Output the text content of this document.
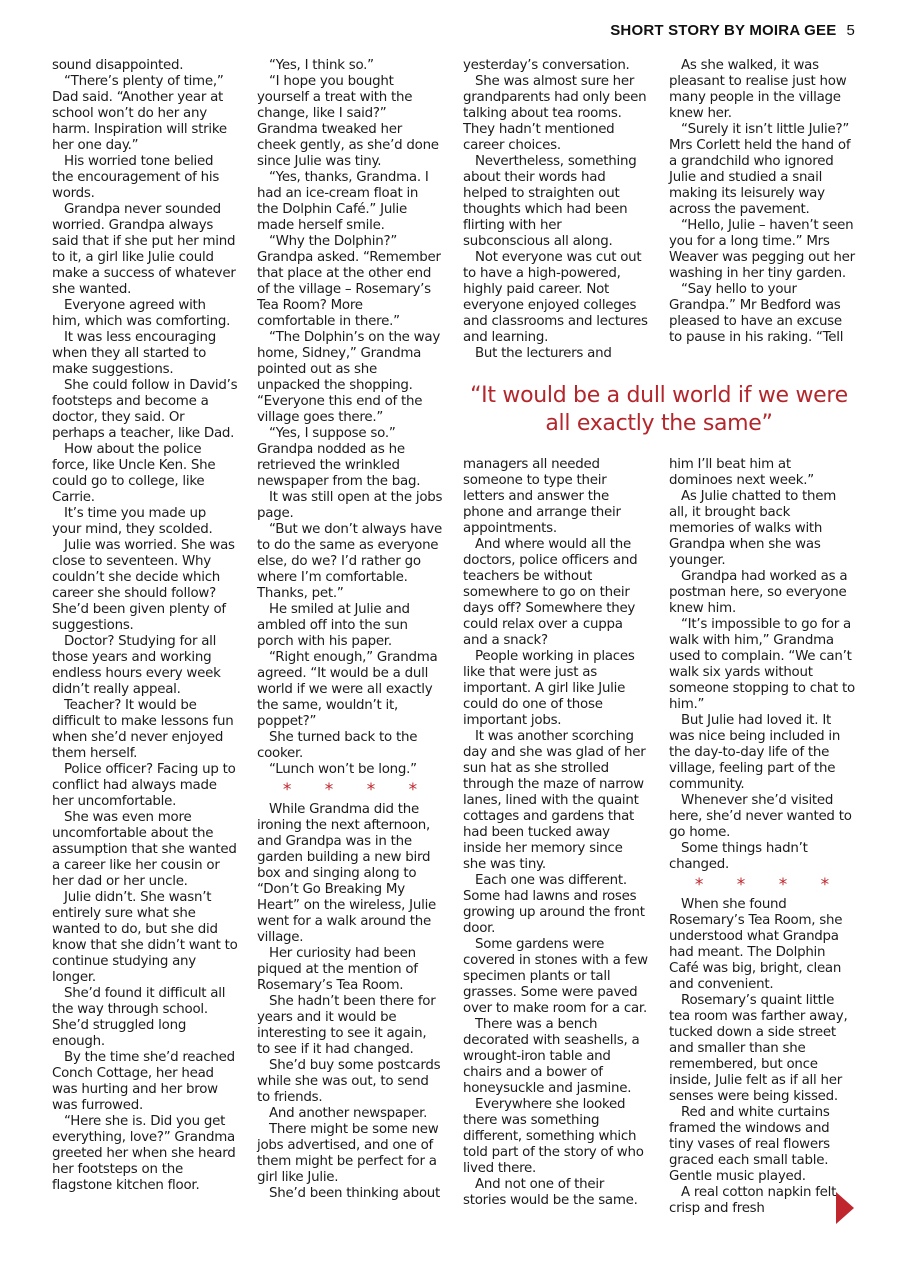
SHORT STORY BY MOIRA GEE 5

sound disappointed.

“There’s plenty of time,” Dad said. “Another year at school won’t do her any harm. Inspiration will strike her one day.”

His worried tone belied the encouragement of his words.

Grandpa never sounded worried. Grandpa always said that if she put her mind to it, a girl like Julie could make a success of whatever she wanted.

Everyone agreed with him, which was comforting.

It was less encouraging when they all started to make suggestions.

She could follow in David’s footsteps and become a doctor, they said. Or perhaps a teacher, like Dad.

How about the police force, like Uncle Ken. She could go to college, like Carrie.

It’s time you made up your mind, they scolded.

Julie was worried. She was close to seventeen. Why couldn’t she decide which career she should follow? She’d been given plenty of suggestions.

Doctor? Studying for all those years and working endless hours every week didn’t really appeal.

Teacher? It would be difficult to make lessons fun when she’d never enjoyed them herself.

Police officer? Facing up to conflict had always made her uncomfortable.

She was even more uncomfortable about the assumption that she wanted a career like her cousin or her dad or her uncle.

Julie didn’t. She wasn’t entirely sure what she wanted to do, but she did know that she didn’t want to continue studying any longer.

She’d found it difficult all the way through school. She’d struggled long enough.

By the time she’d reached Conch Cottage, her head was hurting and her brow was furrowed.

“Here she is. Did you get everything, love?” Grandma greeted her when she heard her footsteps on the flagstone kitchen floor.

“Yes, I think so.”

“I hope you bought yourself a treat with the change, like I said?” Grandma tweaked her cheek gently, as she’d done since Julie was tiny.

“Yes, thanks, Grandma. I had an ice-cream float in the Dolphin Café.” Julie made herself smile.

“Why the Dolphin?” Grandpa asked. “Remember that place at the other end of the village – Rosemary’s Tea Room? More comfortable in there.”

“The Dolphin’s on the way home, Sidney,” Grandma pointed out as she unpacked the shopping. “Everyone this end of the village goes there.”

“Yes, I suppose so.” Grandpa nodded as he retrieved the wrinkled newspaper from the bag.

It was still open at the jobs page.

“But we don’t always have to do the same as everyone else, do we? I’d rather go where I’m comfortable. Thanks, pet.”

He smiled at Julie and ambled off into the sun porch with his paper.

“Right enough,” Grandma agreed. “It would be a dull world if we were all exactly the same, wouldn’t it, poppet?”

She turned back to the cooker.

“Lunch won’t be long.”

* * * *

While Grandma did the ironing the next afternoon, and Grandpa was in the garden building a new bird box and singing along to “Don’t Go Breaking My Heart” on the wireless, Julie went for a walk around the village.

Her curiosity had been piqued at the mention of Rosemary’s Tea Room.

She hadn’t been there for years and it would be interesting to see it again, to see if it had changed.

She’d buy some postcards while she was out, to send to friends.

And another newspaper.

There might be some new jobs advertised, and one of them might be perfect for a girl like Julie.

She’d been thinking about

yesterday’s conversation.

She was almost sure her grandparents had only been talking about tea rooms. They hadn’t mentioned career choices.

Nevertheless, something about their words had helped to straighten out thoughts which had been flirting with her subconscious all along.

Not everyone was cut out to have a high-powered, highly paid career. Not everyone enjoyed colleges and classrooms and lectures and learning.

But the lecturers and

managers all needed someone to type their letters and answer the phone and arrange their appointments.

And where would all the doctors, police officers and teachers be without somewhere to go on their days off? Somewhere they could relax over a cuppa and a snack?

People working in places like that were just as important. A girl like Julie could do one of those important jobs.

It was another scorching day and she was glad of her sun hat as she strolled through the maze of narrow lanes, lined with the quaint cottages and gardens that had been tucked away inside her memory since she was tiny.

Each one was different. Some had lawns and roses growing up around the front door.

Some gardens were covered in stones with a few specimen plants or tall grasses. Some were paved over to make room for a car.

There was a bench decorated with seashells, a wrought-iron table and chairs and a bower of honeysuckle and jasmine.

Everywhere she looked there was something different, something which told part of the story of who lived there.

And not one of their stories would be the same.

As she walked, it was pleasant to realise just how many people in the village knew her.

“Surely it isn’t little Julie?” Mrs Corlett held the hand of a grandchild who ignored Julie and studied a snail making its leisurely way across the pavement.

“Hello, Julie – haven’t seen you for a long time.” Mrs Weaver was pegging out her washing in her tiny garden.

“Say hello to your Grandpa.” Mr Bedford was pleased to have an excuse to pause in his raking. “Tell

him I’ll beat him at dominoes next week.”

As Julie chatted to them all, it brought back memories of walks with Grandpa when she was younger.

Grandpa had worked as a postman here, so everyone knew him.

“It’s impossible to go for a walk with him,” Grandma used to complain. “We can’t walk six yards without someone stopping to chat to him.”

But Julie had loved it. It was nice being included in the day-to-day life of the village, feeling part of the community.

Whenever she’d visited here, she’d never wanted to go home.

Some things hadn’t changed.

* * * *

When she found Rosemary’s Tea Room, she understood what Grandpa had meant. The Dolphin Café was big, bright, clean and convenient.

Rosemary’s quaint little tea room was farther away, tucked down a side street and smaller than she remembered, but once inside, Julie felt as if all her senses were being kissed.

Red and white curtains framed the windows and tiny vases of real flowers graced each small table. Gentle music played.

A real cotton napkin felt crisp and fresh

“It would be a dull world if we were all exactly the same”
